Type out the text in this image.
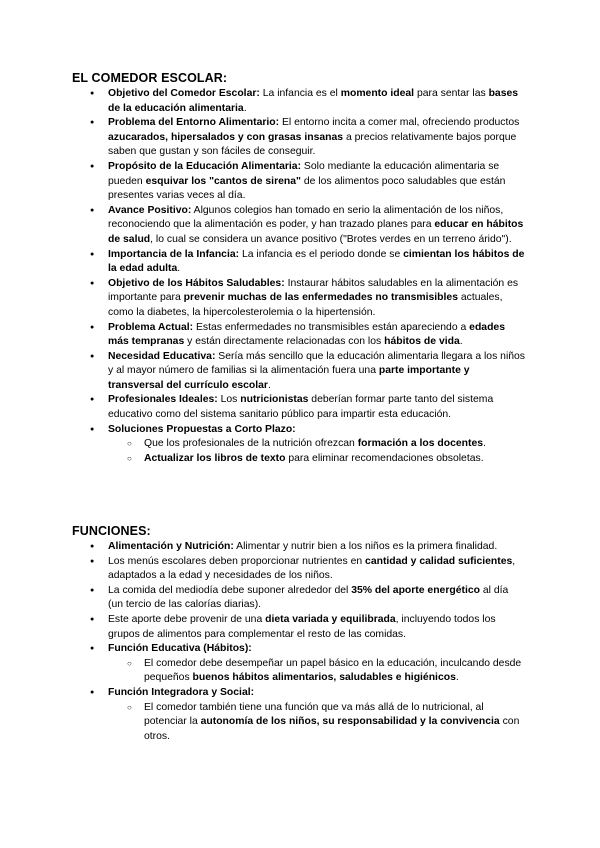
EL COMEDOR ESCOLAR:
● Objetivo del Comedor Escolar: La infancia es el momento ideal para sentar las bases de la educación alimentaria.
● Problema del Entorno Alimentario: El entorno incita a comer mal, ofreciendo productos azucarados, hipersalados y con grasas insanas a precios relativamente bajos porque saben que gustan y son fáciles de conseguir.
● Propósito de la Educación Alimentaria: Solo mediante la educación alimentaria se pueden esquivar los "cantos de sirena" de los alimentos poco saludables que están presentes varias veces al día.
● Avance Positivo: Algunos colegios han tomado en serio la alimentación de los niños, reconociendo que la alimentación es poder, y han trazado planes para educar en hábitos de salud, lo cual se considera un avance positivo ("Brotes verdes en un terreno árido").
● Importancia de la Infancia: La infancia es el periodo donde se cimientan los hábitos de la edad adulta.
● Objetivo de los Hábitos Saludables: Instaurar hábitos saludables en la alimentación es importante para prevenir muchas de las enfermedades no transmisibles actuales, como la diabetes, la hipercolesterolemia o la hipertensión.
● Problema Actual: Estas enfermedades no transmisibles están apareciendo a edades más tempranas y están directamente relacionadas con los hábitos de vida.
● Necesidad Educativa: Sería más sencillo que la educación alimentaria llegara a los niños y al mayor número de familias si la alimentación fuera una parte importante y transversal del currículo escolar.
● Profesionales Ideales: Los nutricionistas deberían formar parte tanto del sistema educativo como del sistema sanitario público para impartir esta educación.
● Soluciones Propuestas a Corto Plazo:
○ Que los profesionales de la nutrición ofrezcan formación a los docentes.
○ Actualizar los libros de texto para eliminar recomendaciones obsoletas.
FUNCIONES:
● Alimentación y Nutrición: Alimentar y nutrir bien a los niños es la primera finalidad.
● Los menús escolares deben proporcionar nutrientes en cantidad y calidad suficientes, adaptados a la edad y necesidades de los niños.
● La comida del mediodía debe suponer alrededor del 35% del aporte energético al día (un tercio de las calorías diarias).
● Este aporte debe provenir de una dieta variada y equilibrada, incluyendo todos los grupos de alimentos para complementar el resto de las comidas.
● Función Educativa (Hábitos):
○ El comedor debe desempeñar un papel básico en la educación, inculcando desde pequeños buenos hábitos alimentarios, saludables e higiénicos.
● Función Integradora y Social:
○ El comedor también tiene una función que va más allá de lo nutricional, al potenciar la autonomía de los niños, su responsabilidad y la convivencia con otros.
